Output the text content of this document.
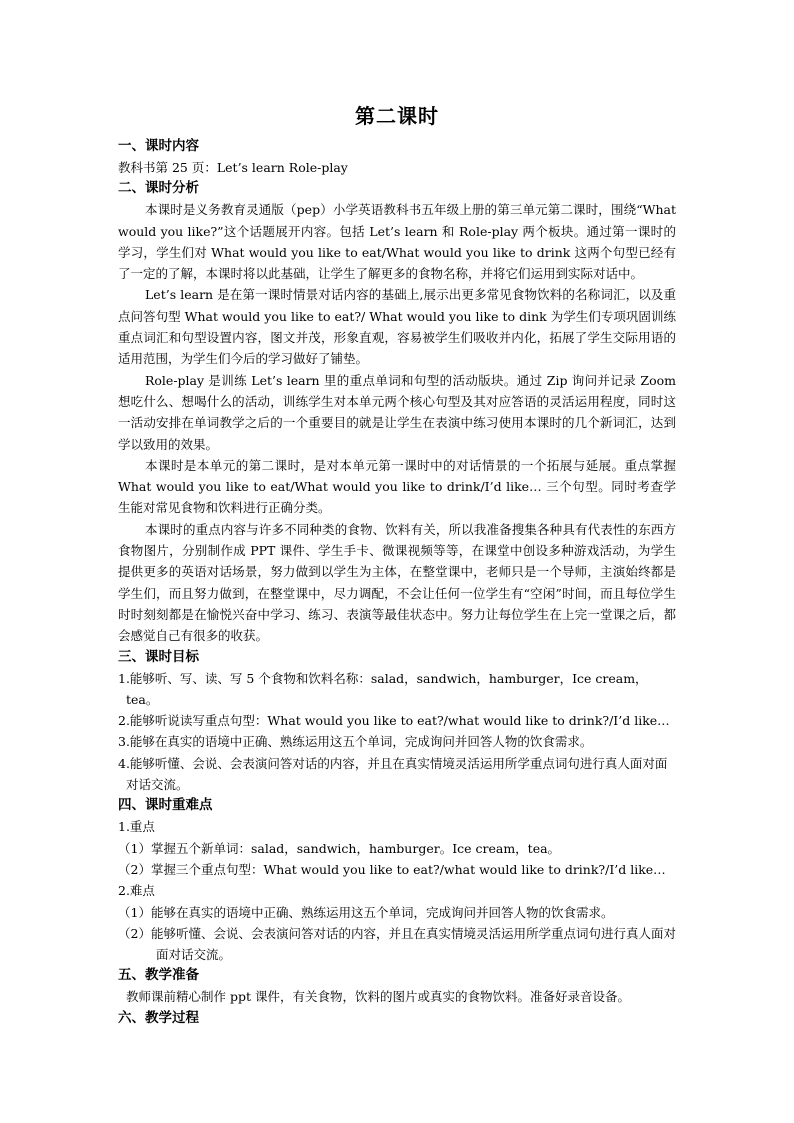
第二课时

一、课时内容

教科书第 25 页：Let’s learn Role-play

二、课时分析

本课时是义务教育灵通版（pep）小学英语教科书五年级上册的第三单元第二课时，围绕“What would you like?”这个话题展开内容。包括 Let’s learn 和 Role-play 两个板块。通过第一课时的学习，学生们对 What would you like to eat/What would you like to drink 这两个句型已经有了一定的了解，本课时将以此基础，让学生了解更多的食物名称，并将它们运用到实际对话中。

Let’s learn 是在第一课时情景对话内容的基础上,展示出更多常见食物饮料的名称词汇，以及重点问答句型 What would you like to eat?/ What would you like to dink 为学生们专项巩固训练重点词汇和句型设置内容，图文并茂，形象直观，容易被学生们吸收并内化，拓展了学生交际用语的适用范围，为学生们今后的学习做好了铺垫。

Role-play 是训练 Let’s learn 里的重点单词和句型的活动版块。通过 Zip 询问并记录 Zoom 想吃什么、想喝什么的活动，训练学生对本单元两个核心句型及其对应答语的灵活运用程度，同时这一活动安排在单词教学之后的一个重要目的就是让学生在表演中练习使用本课时的几个新词汇，达到学以致用的效果。

本课时是本单元的第二课时，是对本单元第一课时中的对话情景的一个拓展与延展。重点掌握 What would you like to eat/What would you like to drink/I’d like… 三个句型。同时考查学生能对常见食物和饮料进行正确分类。

本课时的重点内容与许多不同种类的食物、饮料有关，所以我准备搜集各种具有代表性的东西方食物图片，分别制作成 PPT 课件、学生手卡、微课视频等等，在课堂中创设多种游戏活动，为学生提供更多的英语对话场景，努力做到以学生为主体，在整堂课中，老师只是一个导师，主演始终都是学生们，而且努力做到，在整堂课中，尽力调配，不会让任何一位学生有“空闲”时间，而且每位学生时时刻刻都是在愉悦兴奋中学习、练习、表演等最佳状态中。努力让每位学生在上完一堂课之后，都会感觉自己有很多的收获。

三、课时目标

1.能够听、写、读、写 5 个食物和饮料名称：salad，sandwich，hamburger，Ice cream，tea。

2.能够听说读写重点句型：What would you like to eat?/what would like to drink?/I’d like…

3.能够在真实的语境中正确、熟练运用这五个单词，完成询问并回答人物的饮食需求。

4.能够听懂、会说、会表演问答对话的内容，并且在真实情境灵活运用所学重点词句进行真人面对面对话交流。

四、课时重难点

1.重点

（1）掌握五个新单词：salad，sandwich，hamburger。Ice cream，tea。

（2）掌握三个重点句型：What would you like to eat?/what would like to drink?/I’d like…

2.难点

（1）能够在真实的语境中正确、熟练运用这五个单词，完成询问并回答人物的饮食需求。

（2）能够听懂、会说、会表演问答对话的内容，并且在真实情境灵活运用所学重点词句进行真人面对面对话交流。

五、教学准备

教师课前精心制作 ppt 课件，有关食物，饮料的图片或真实的食物饮料。准备好录音设备。

六、教学过程
